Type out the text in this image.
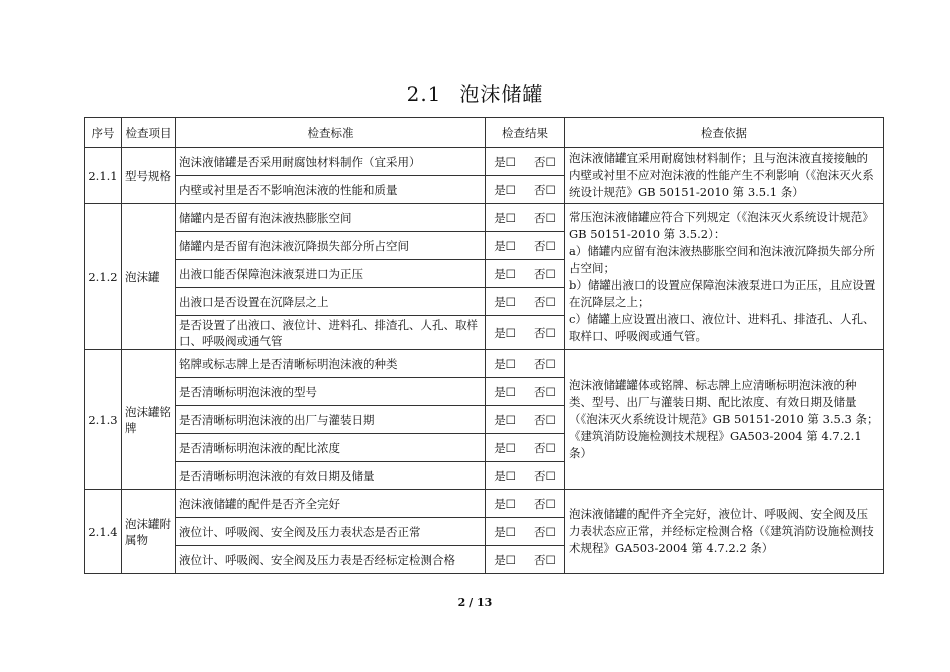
2.1 泡沫储罐
序号	检查项目	检查标准	检查结果	检查依据
2.1.1	型号规格	泡沫液储罐是否采用耐腐蚀材料制作（宜采用）	是☐ 否☐	泡沫液储罐宜采用耐腐蚀材料制作；且与泡沫液直接接触的内壁或衬里不应对泡沫液的性能产生不利影响（《泡沫灭火系统设计规范》GB 50151-2010 第 3.5.1 条）
		内壁或衬里是否不影响泡沫液的性能和质量	是☐ 否☐	
2.1.2	泡沫罐	储罐内是否留有泡沫液热膨胀空间	是☐ 否☐	常压泡沫液储罐应符合下列规定（《泡沫灭火系统设计规范》GB 50151-2010 第 3.5.2）：
a）储罐内应留有泡沫液热膨胀空间和泡沫液沉降损失部分所占空间；
b）储罐出液口的设置应保障泡沫液泵进口为正压，且应设置在沉降层之上；
c）储罐上应设置出液口、液位计、进料孔、排渣孔、人孔、取样口、呼吸阀或通气管。

		储罐内是否留有泡沫液沉降损失部分所占空间	是☐ 否☐	
		出液口能否保障泡沫液泵进口为正压	是☐ 否☐	
		出液口是否设置在沉降层之上	是☐ 否☐	
		是否设置了出液口、液位计、进料孔、排渣孔、人孔、取样口、呼吸阀或通气管	是☐ 否☐	
2.1.3	泡沫罐铭牌	铭牌或标志牌上是否清晰标明泡沫液的种类	是☐ 否☐	泡沫液储罐罐体或铭牌、标志牌上应清晰标明泡沫液的种类、型号、出厂与灌装日期、配比浓度、有效日期及储量（《泡沫灭火系统设计规范》GB 50151-2010 第 3.5.3 条；《建筑消防设施检测技术规程》GA503-2004 第 4.7.2.1 条）
		是否清晰标明泡沫液的型号	是☐ 否☐	
		是否清晰标明泡沫液的出厂与灌装日期	是☐ 否☐	
		是否清晰标明泡沫液的配比浓度	是☐ 否☐	
		是否清晰标明泡沫液的有效日期及储量	是☐ 否☐	
2.1.4	泡沫罐附属物	泡沫液储罐的配件是否齐全完好	是☐ 否☐	泡沫液储罐的配件齐全完好，液位计、呼吸阀、安全阀及压力表状态应正常，并经标定检测合格（《建筑消防设施检测技术规程》GA503-2004 第 4.7.2.2 条）
		液位计、呼吸阀、安全阀及压力表状态是否正常	是☐ 否☐	
		液位计、呼吸阀、安全阀及压力表是否经标定检测合格	是☐ 否☐	
2 / 13
